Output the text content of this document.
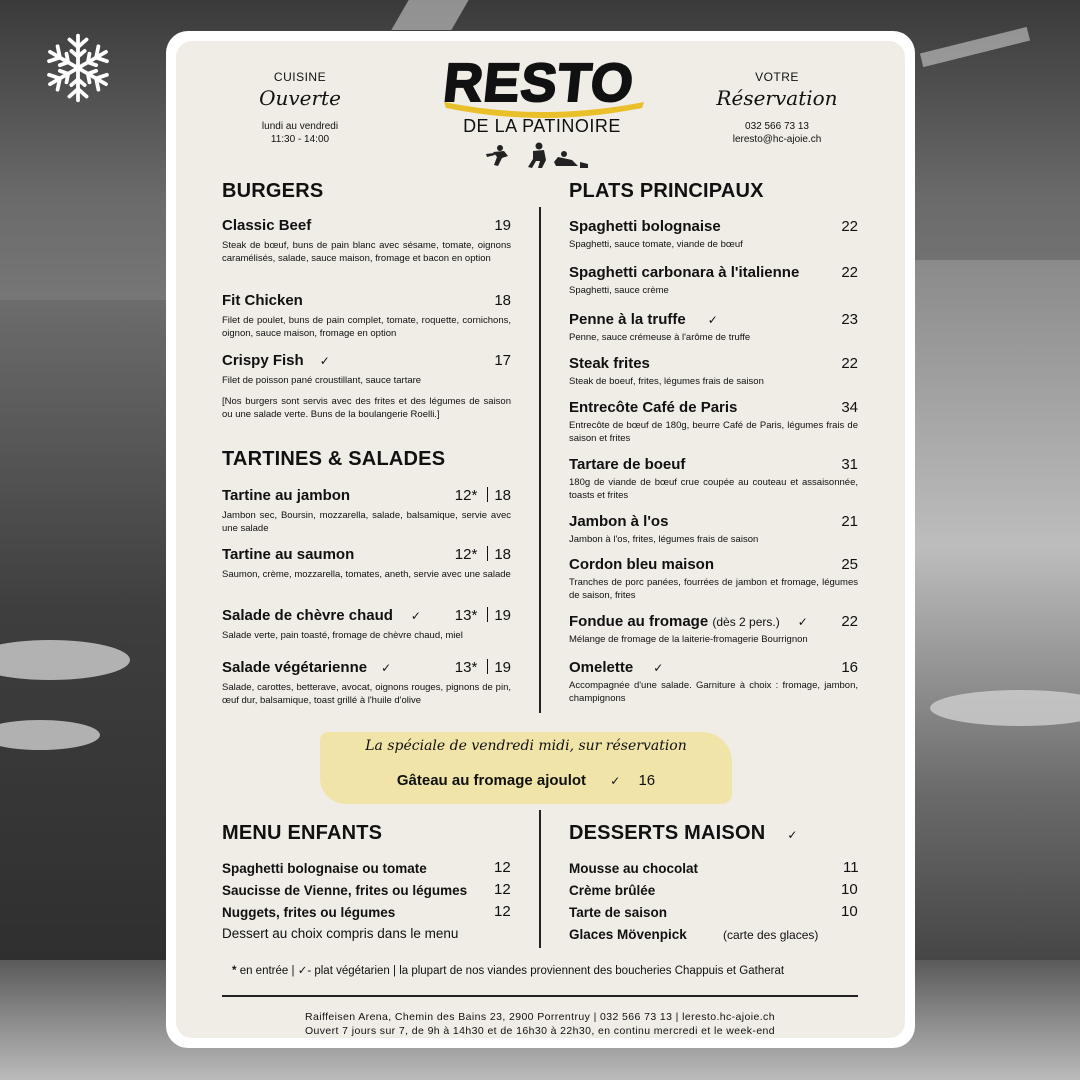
CUISINE
Ouverte
lundi au vendredi
11:30 - 14:00
RESTO
DE LA PATINOIRE
VOTRE
Réservation
032 566 73 13
leresto@hc-ajoie.ch
BURGERS
Classic Beef	19
Steak de bœuf, buns de pain blanc avec sésame, tomate, oignons caramélisés, salade, sauce maison, fromage et bacon en option
Fit Chicken	18
Filet de poulet, buns de pain complet, tomate, roquette, cornichons, oignon, sauce maison, fromage en option
Crispy Fish ✓	17
Filet de poisson pané croustillant, sauce tartare
[Nos burgers sont servis avec des frites et des légumes de saison ou une salade verte. Buns de la boulangerie Roelli.]
TARTINES & SALADES
Tartine au jambon	12* 18
Jambon sec, Boursin, mozzarella, salade, balsamique, servie avec une salade
Tartine au saumon	12* 18
Saumon, crème, mozzarella, tomates, aneth, servie avec une salade
Salade de chèvre chaud ✓	13* 19
Salade verte, pain toasté, fromage de chèvre chaud, miel
Salade végétarienne ✓	13* 19
Salade, carottes, betterave, avocat, oignons rouges, pignons de pin, œuf dur, balsamique, toast grillé à l'huile d'olive
PLATS PRINCIPAUX
Spaghetti bolognaise	22
Spaghetti, sauce tomate, viande de bœuf
Spaghetti carbonara à l'italienne	22
Spaghetti, sauce crème
Penne à la truffe ✓	23
Penne, sauce crémeuse à l'arôme de truffe
Steak frites	22
Steak de boeuf, frites, légumes frais de saison
Entrecôte Café de Paris	34
Entrecôte de bœuf de 180g, beurre Café de Paris, légumes frais de saison et frites
Tartare de boeuf	31
180g de viande de bœuf crue coupée au couteau et assaisonnée, toasts et frites
Jambon à l'os	21
Jambon à l'os, frites, légumes frais de saison
Cordon bleu maison	25
Tranches de porc panées, fourrées de jambon et fromage, légumes de saison, frites
Fondue au fromage (dès 2 pers.) ✓	22
Mélange de fromage de la laiterie-fromagerie Bourrignon
Omelette ✓	16
Accompagnée d'une salade. Garniture à choix : fromage, jambon, champignons
La spéciale de vendredi midi, sur réservation
Gâteau au fromage ajoulot ✓ 16
MENU ENFANTS
Spaghetti bolognaise ou tomate	12
Saucisse de Vienne, frites ou légumes 12
Nuggets, frites ou légumes	12
Dessert au choix compris dans le menu
DESSERTS MAISON ✓
Mousse au chocolat	11
Crème brûlée	10
Tarte de saison	10
Glaces Mövenpick	(carte des glaces)
* en entrée | ✓- plat végétarien | la plupart de nos viandes proviennent des boucheries Chappuis et Gatherat
Raiffeisen Arena, Chemin des Bains 23, 2900 Porrentruy | 032 566 73 13 | leresto.hc-ajoie.ch
Ouvert 7 jours sur 7, de 9h à 14h30 et de 16h30 à 22h30, en continu mercredi et le week-end
